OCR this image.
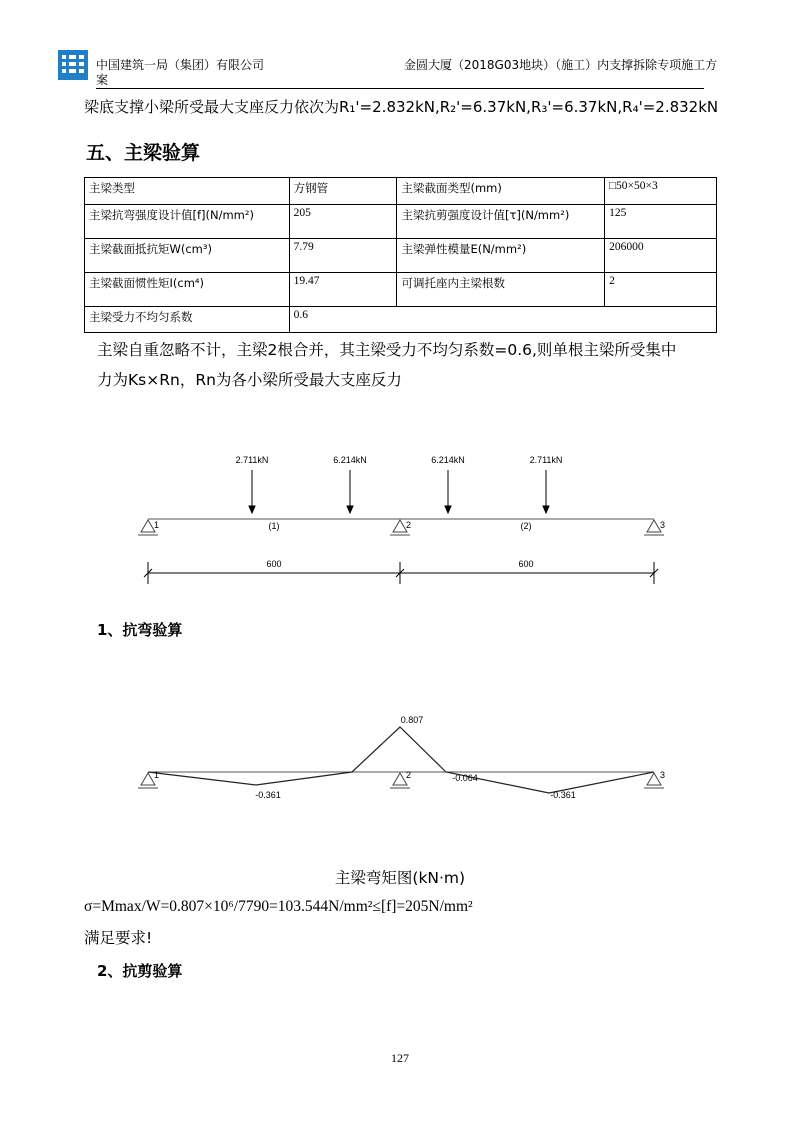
中国建筑一局（集团）有限公司
案
金圆大厦（2018G03地块）（施工）内支撑拆除专项施工方
梁底支撑小梁所受最大支座反力依次为R₁'=2.832kN,R₂'=6.37kN,R₃'=6.37kN,R₄'=2.832kN
五、主梁验算
主梁类型	方钢管	主梁截面类型(mm)	□50×50×3
主梁抗弯强度设计值[f](N/mm²)	205	主梁抗剪强度设计值[τ](N/mm²)	125
主梁截面抵抗矩W(cm³)	7.79	主梁弹性模量E(N/mm²)	206000
主梁截面惯性矩I(cm⁴)	19.47	可调托座内主梁根数	2
主梁受力不均匀系数	0.6		
主梁自重忽略不计，主梁2根合并，其主梁受力不均匀系数=0.6,则单根主梁所受集中
力为Ks×Rn，Rn为各小梁所受最大支座反力
2.711kN	6.214kN	6.214kN	2.711kN
1	2	3
(1)	(2)
600	600
1、抗弯验算
1	2	3
0.807
-0.361
-0.064
-0.361
主梁弯矩图(kN·m)
σ=Mmax/W=0.807×10⁶/7790=103.544N/mm²≤[f]=205N/mm²
满足要求!
2、抗剪验算
127
